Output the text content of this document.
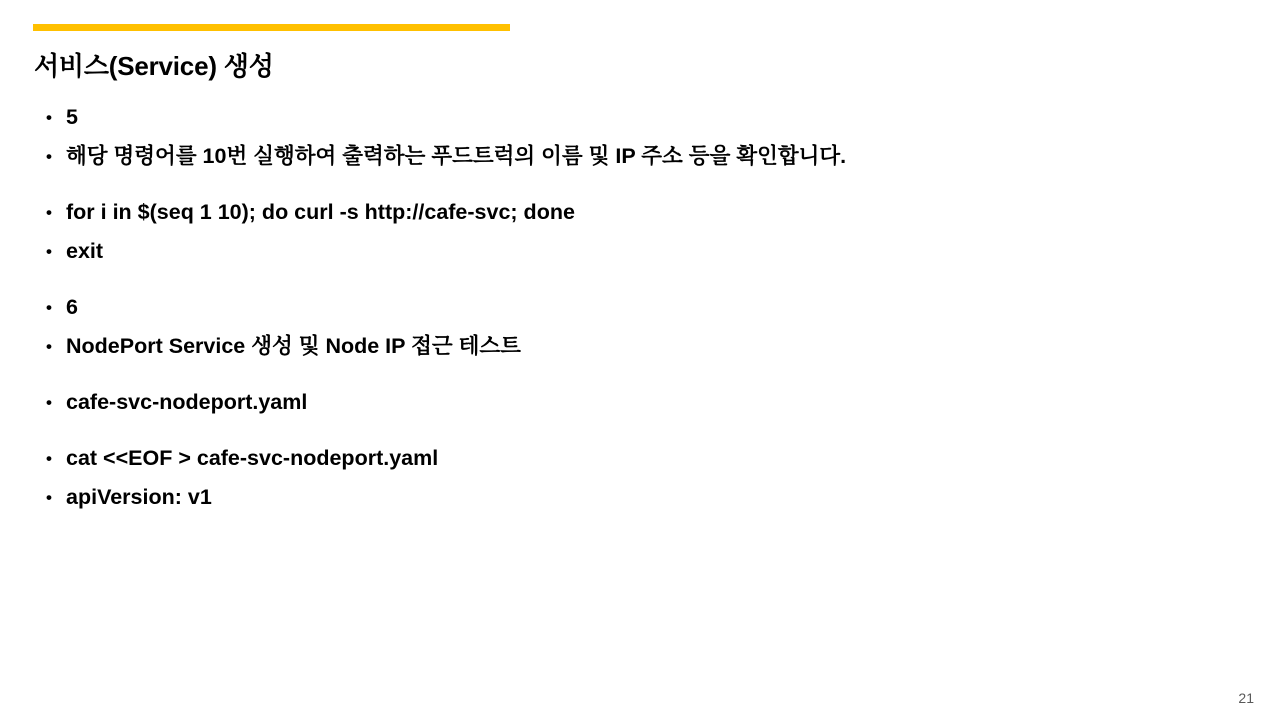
서비스(Service) 생성
• 5
• 해당 명령어를 10번 실행하여 출력하는 푸드트럭의 이름 및 IP 주소 등을 확인합니다.
• for i in $(seq 1 10); do curl -s http://cafe-svc; done
• exit
• 6
• NodePort Service 생성 및 Node IP 접근 테스트
• cafe-svc-nodeport.yaml
• cat <<EOF > cafe-svc-nodeport.yaml
• apiVersion: v1
21
